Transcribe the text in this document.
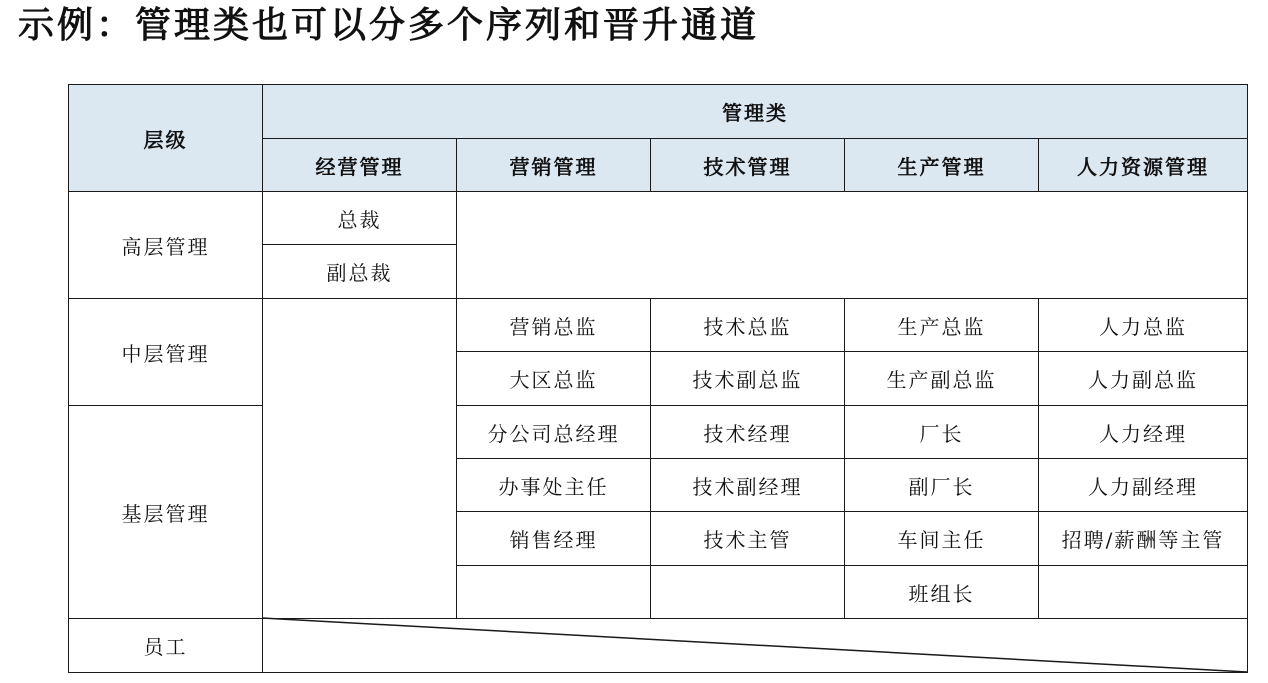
示例：管理类也可以分多个序列和晋升通道
层级	管理类				
	经营管理	营销管理	技术管理	生产管理	人力资源管理
高层管理	总裁				
	副总裁				
中层管理		营销总监	技术总监	生产总监	人力总监
		大区总监	技术副总监	生产副总监	人力副总监
基层管理		分公司总经理	技术经理	厂长	人力经理
		办事处主任	技术副经理	副厂长	人力副经理
		销售经理	技术主管	车间主任	招聘/薪酬等主管
				班组长	
员工					
